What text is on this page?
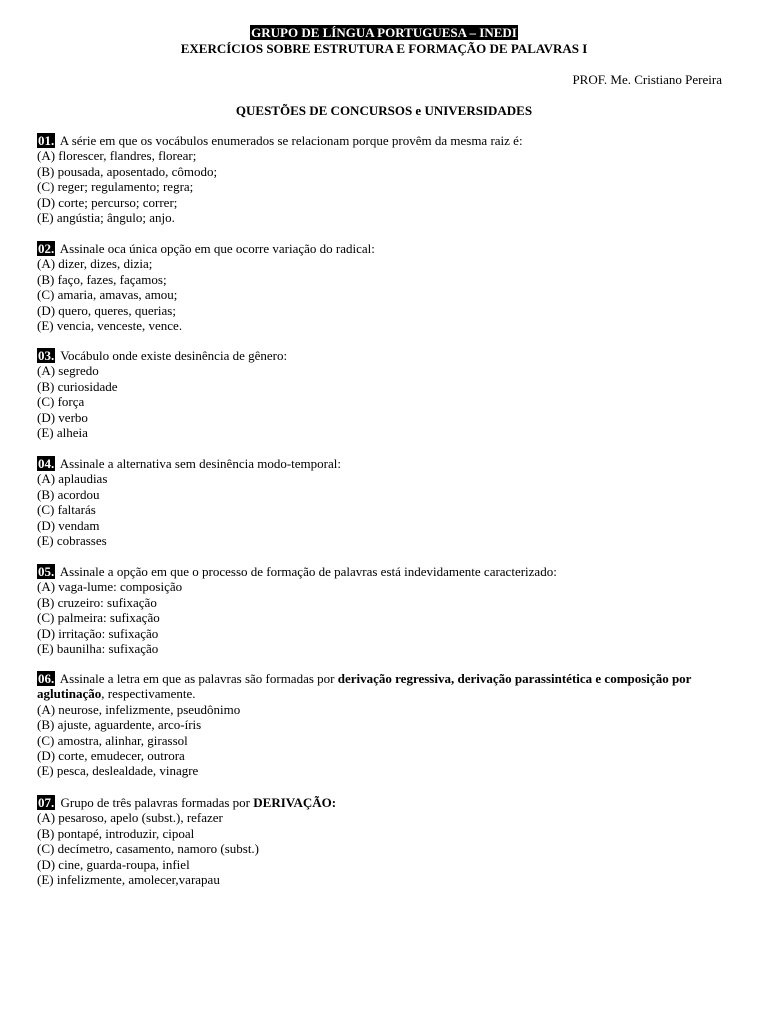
GRUPO DE LÍNGUA PORTUGUESA – INEDI
EXERCÍCIOS SOBRE ESTRUTURA E FORMAÇÃO DE PALAVRAS I
PROF. Me. Cristiano Pereira
QUESTÕES DE CONCURSOS e UNIVERSIDADES
01. A série em que os vocábulos enumerados se relacionam porque provêm da mesma raiz é:
(A) florescer, flandres, florear;
(B) pousada, aposentado, cômodo;
(C) reger; regulamento; regra;
(D) corte; percurso; correr;
(E) angústia; ângulo; anjo.
02. Assinale oca única opção em que ocorre variação do radical:
(A) dizer, dizes, dizia;
(B) faço, fazes, façamos;
(C) amaria, amavas, amou;
(D) quero, queres, querias;
(E) vencia, venceste, vence.
03. Vocábulo onde existe desinência de gênero:
(A) segredo
(B) curiosidade
(C) força
(D) verbo
(E) alheia
04. Assinale a alternativa sem desinência modo-temporal:
(A) aplaudias
(B) acordou
(C) faltarás
(D) vendam
(E) cobrasses
05. Assinale a opção em que o processo de formação de palavras está indevidamente caracterizado:
(A) vaga-lume: composição
(B) cruzeiro: sufixação
(C) palmeira: sufixação
(D) irritação: sufixação
(E) baunilha: sufixação
06. Assinale a letra em que as palavras são formadas por derivação regressiva, derivação parassintética e composição por aglutinação, respectivamente.
(A) neurose, infelizmente, pseudônimo
(B) ajuste, aguardente, arco-íris
(C) amostra, alinhar, girassol
(D) corte, emudecer, outrora
(E) pesca, deslealdade, vinagre
07. Grupo de três palavras formadas por DERIVAÇÃO:
(A) pesaroso, apelo (subst.), refazer
(B) pontapé, introduzir, cipoal
(C) decímetro, casamento, namoro (subst.)
(D) cine, guarda-roupa, infiel
(E) infelizmente, amolecer,varapau
